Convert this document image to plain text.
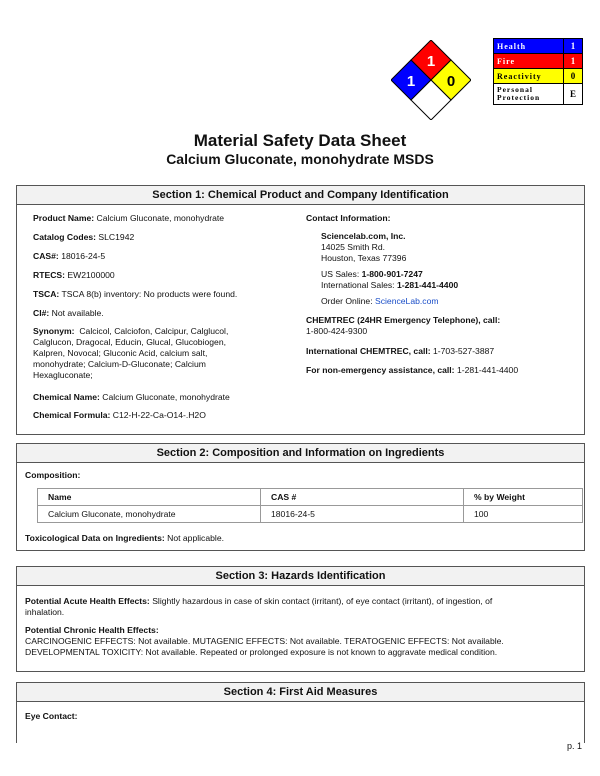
1
1 0
Health	1
Fire	1
Reactivity	0
Personal Protection	E
Material Safety Data Sheet
Calcium Gluconate, monohydrate MSDS
Section 1: Chemical Product and Company Identification
Product Name: Calcium Gluconate, monohydrate
Catalog Codes: SLC1942
CAS#: 18016-24-5
RTECS: EW2100000
TSCA: TSCA 8(b) inventory: No products were found.
CI#: Not available.
Synonym: Calcicol, Calciofon, Calcipur, Calglucol,
Calglucon, Dragocal, Educin, Glucal, Glucobiogen,
Kalpren, Novocal; Gluconic Acid, calcium salt,
monohydrate; Calcium-D-Gluconate; Calcium
Hexagluconate;
Chemical Name: Calcium Gluconate, monohydrate
Chemical Formula: C12-H-22-Ca-O14-.H2O
Contact Information:
Sciencelab.com, Inc.
14025 Smith Rd.
Houston, Texas 77396
US Sales: 1-800-901-7247
International Sales: 1-281-441-4400
Order Online: ScienceLab.com
CHEMTREC (24HR Emergency Telephone), call:
1-800-424-9300
International CHEMTREC, call: 1-703-527-3887
For non-emergency assistance, call: 1-281-441-4400
Section 2: Composition and Information on Ingredients
Composition:
Name	CAS #	% by Weight
Calcium Gluconate, monohydrate	18016-24-5	100
Toxicological Data on Ingredients: Not applicable.
Section 3: Hazards Identification
Potential Acute Health Effects: Slightly hazardous in case of skin contact (irritant), of eye contact (irritant), of ingestion, of
inhalation.
Potential Chronic Health Effects:
CARCINOGENIC EFFECTS: Not available. MUTAGENIC EFFECTS: Not available. TERATOGENIC EFFECTS: Not available.
DEVELOPMENTAL TOXICITY: Not available. Repeated or prolonged exposure is not known to aggravate medical condition.
Section 4: First Aid Measures
Eye Contact:
p. 1
